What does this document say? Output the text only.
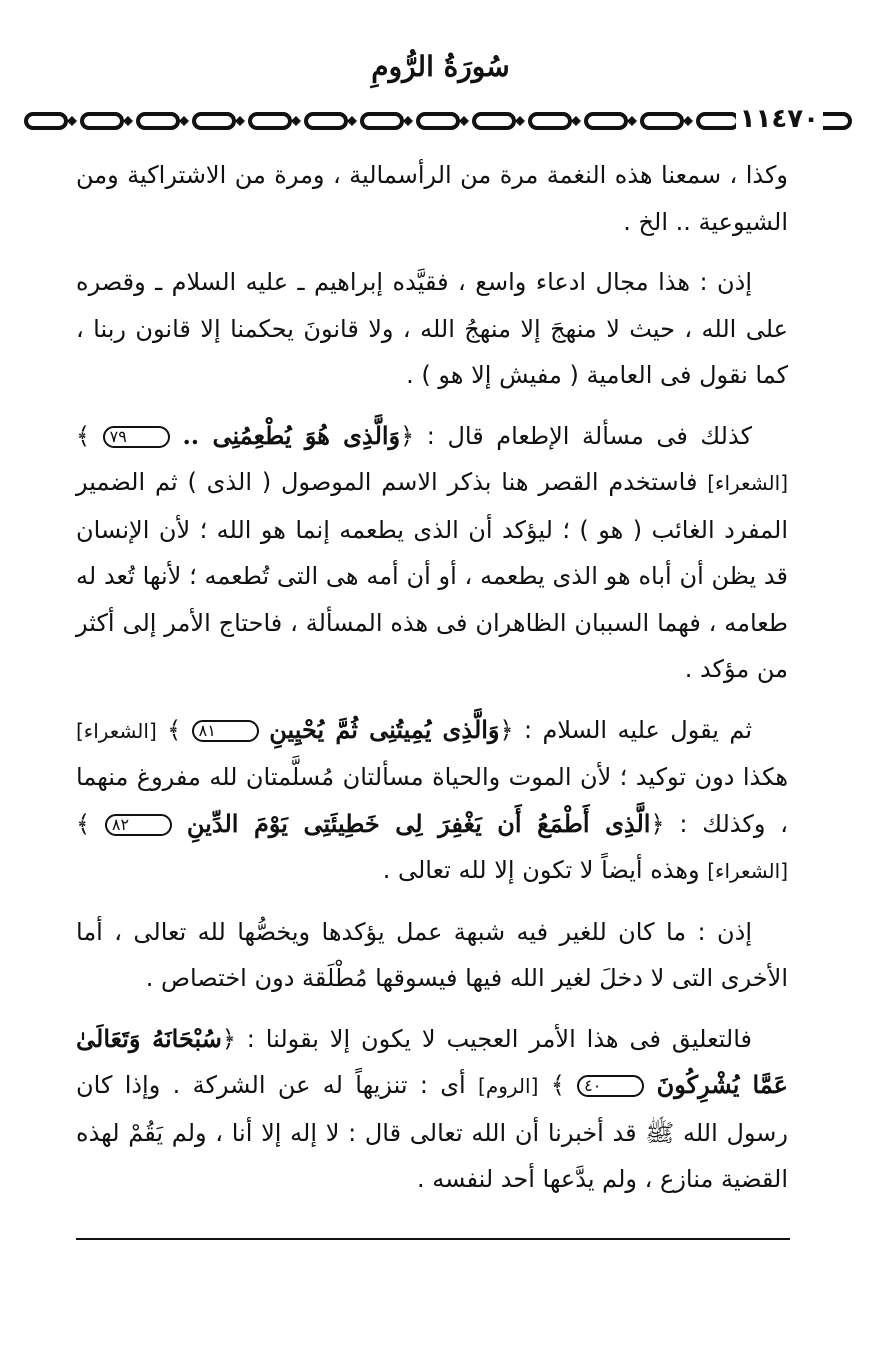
سُورَةُ الرُّومِ
١١٤٧٠

وكذا ، سمعنا هذه النغمة مرة من الرأسمالية ، ومرة من الاشتراكية ومن الشيوعية .. الخ .

إذن : هذا مجال ادعاء واسع ، فقيَّده إبراهيم ـ عليه السلام ـ وقصره على الله ، حيث لا منهجَ إلا منهجُ الله ، ولا قانونَ يحكمنا إلا قانون ربنا ، كما نقول فى العامية ( مفيش إلا هو ) .

كذلك فى مسألة الإطعام قال : ﴿وَالَّذِى هُوَ يُطْعِمُنِى .. ٧٩ ﴾ [الشعراء] فاستخدم القصر هنا بذكر الاسم الموصول ( الذى ) ثم الضمير المفرد الغائب ( هو ) ؛ ليؤكد أن الذى يطعمه إنما هو الله ؛ لأن الإنسان قد يظن أن أباه هو الذى يطعمه ، أو أن أمه هى التى تُطعمه ؛ لأنها تُعد له طعامه ، فهما السببان الظاهران فى هذه المسألة ، فاحتاج الأمر إلى أكثر من مؤكد .

ثم يقول عليه السلام : ﴿وَالَّذِى يُمِيتُنِى ثُمَّ يُحْيِينِ ٨١ ﴾ [الشعراء] هكذا دون توكيد ؛ لأن الموت والحياة مسألتان مُسلَّمتان لله مفروغ منهما ، وكذلك : ﴿الَّذِى أَطْمَعُ أَن يَغْفِرَ لِى خَطِيئَتِى يَوْمَ الدِّينِ ٨٢ ﴾ [الشعراء] وهذه أيضاً لا تكون إلا لله تعالى .

إذن : ما كان للغير فيه شبهة عمل يؤكدها ويخصُّها لله تعالى ، أما الأخرى التى لا دخلَ لغير الله فيها فيسوقها مُطْلَقة دون اختصاص .

فالتعليق فى هذا الأمر العجيب لا يكون إلا بقولنا : ﴿سُبْحَانَهُ وَتَعَالَىٰ عَمَّا يُشْرِكُونَ ٤٠ ﴾ [الروم] أى : تنزيهاً له عن الشركة . وإذا كان رسول الله ﷺ قد أخبرنا أن الله تعالى قال : لا إله إلا أنا ، ولم يَقُمْ لهذه القضية منازع ، ولم يدَّعها أحد لنفسه .
